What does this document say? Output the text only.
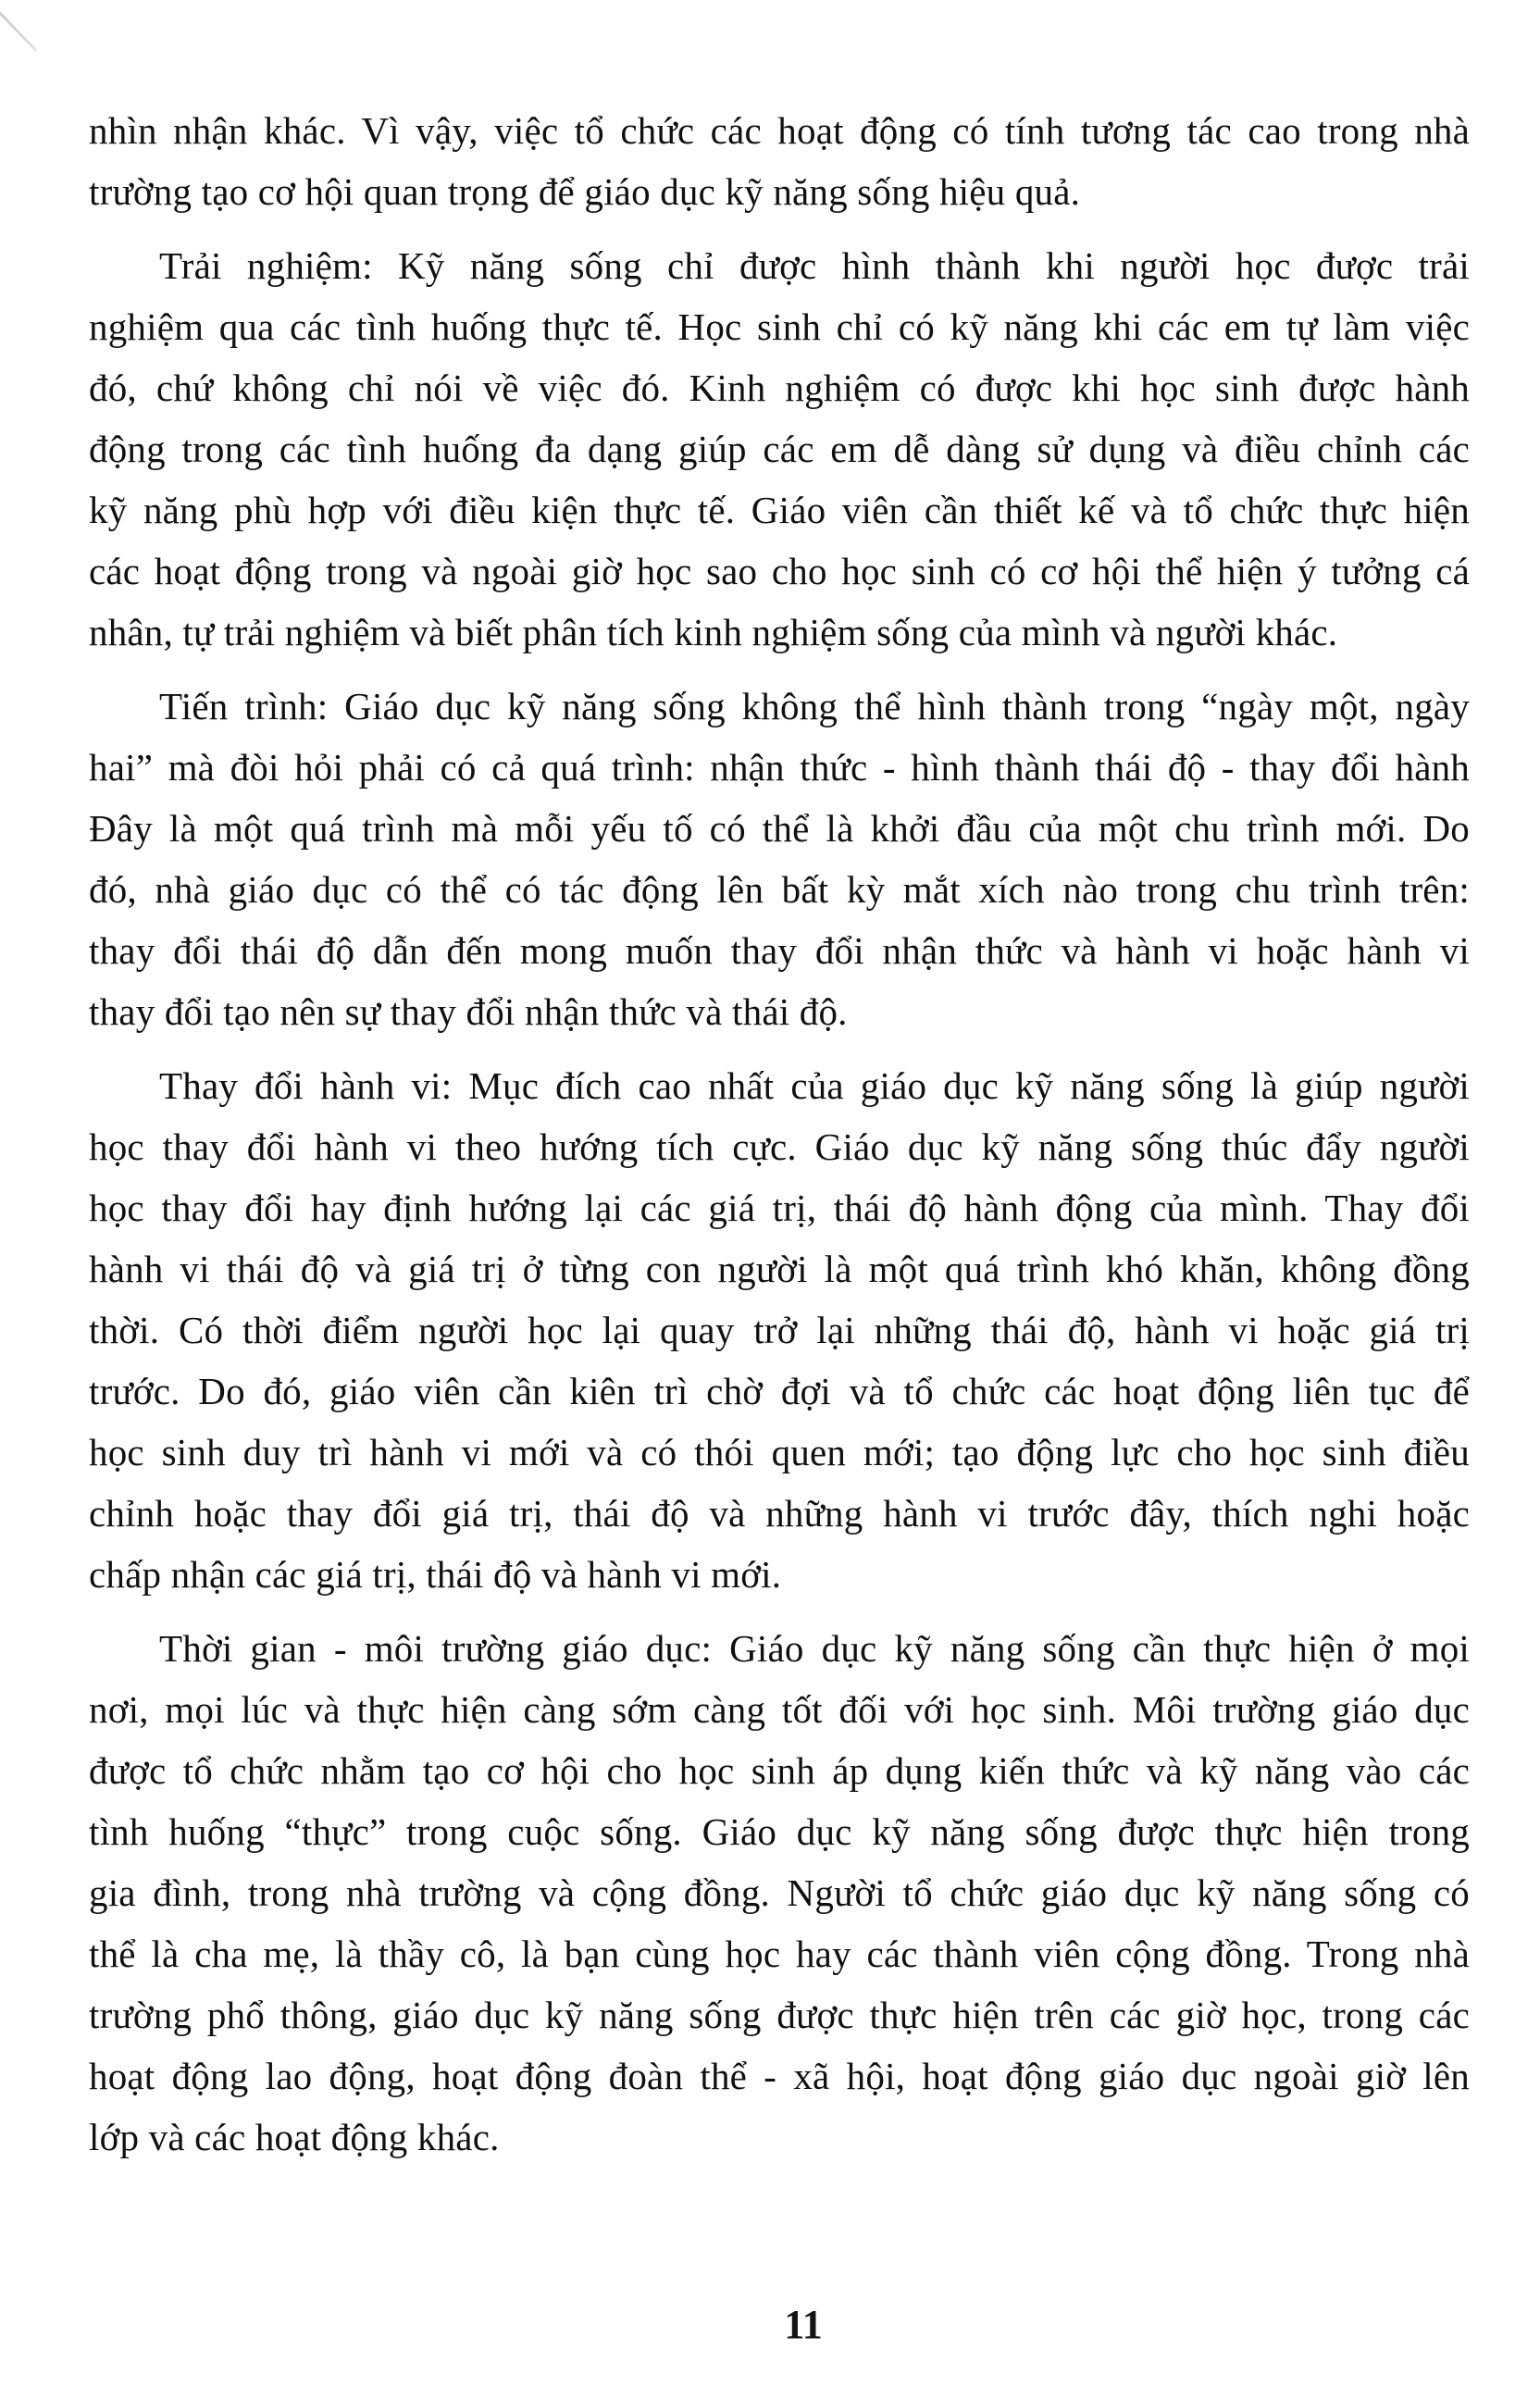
nhìn nhận khác. Vì vậy, việc tổ chức các hoạt động có tính tương tác cao trong nhà
trường tạo cơ hội quan trọng để giáo dục kỹ năng sống hiệu quả.
Trải nghiệm: Kỹ năng sống chỉ được hình thành khi người học được trải
nghiệm qua các tình huống thực tế. Học sinh chỉ có kỹ năng khi các em tự làm việc
đó, chứ không chỉ nói về việc đó. Kinh nghiệm có được khi học sinh được hành
động trong các tình huống đa dạng giúp các em dễ dàng sử dụng và điều chỉnh các
kỹ năng phù hợp với điều kiện thực tế. Giáo viên cần thiết kế và tổ chức thực hiện
các hoạt động trong và ngoài giờ học sao cho học sinh có cơ hội thể hiện ý tưởng cá
nhân, tự trải nghiệm và biết phân tích kinh nghiệm sống của mình và người khác.
Tiến trình: Giáo dục kỹ năng sống không thể hình thành trong “ngày một, ngày
hai” mà đòi hỏi phải có cả quá trình: nhận thức - hình thành thái độ - thay đổi hành
Đây là một quá trình mà mỗi yếu tố có thể là khởi đầu của một chu trình mới. Do
đó, nhà giáo dục có thể có tác động lên bất kỳ mắt xích nào trong chu trình trên:
thay đổi thái độ dẫn đến mong muốn thay đổi nhận thức và hành vi hoặc hành vi
thay đổi tạo nên sự thay đổi nhận thức và thái độ.
Thay đổi hành vi: Mục đích cao nhất của giáo dục kỹ năng sống là giúp người
học thay đổi hành vi theo hướng tích cực. Giáo dục kỹ năng sống thúc đẩy người
học thay đổi hay định hướng lại các giá trị, thái độ hành động của mình. Thay đổi
hành vi thái độ và giá trị ở từng con người là một quá trình khó khăn, không đồng
thời. Có thời điểm người học lại quay trở lại những thái độ, hành vi hoặc giá trị
trước. Do đó, giáo viên cần kiên trì chờ đợi và tổ chức các hoạt động liên tục để
học sinh duy trì hành vi mới và có thói quen mới; tạo động lực cho học sinh điều
chỉnh hoặc thay đổi giá trị, thái độ và những hành vi trước đây, thích nghi hoặc
chấp nhận các giá trị, thái độ và hành vi mới.
Thời gian - môi trường giáo dục: Giáo dục kỹ năng sống cần thực hiện ở mọi
nơi, mọi lúc và thực hiện càng sớm càng tốt đối với học sinh. Môi trường giáo dục
được tổ chức nhằm tạo cơ hội cho học sinh áp dụng kiến thức và kỹ năng vào các
tình huống “thực” trong cuộc sống. Giáo dục kỹ năng sống được thực hiện trong
gia đình, trong nhà trường và cộng đồng. Người tổ chức giáo dục kỹ năng sống có
thể là cha mẹ, là thầy cô, là bạn cùng học hay các thành viên cộng đồng. Trong nhà
trường phổ thông, giáo dục kỹ năng sống được thực hiện trên các giờ học, trong các
hoạt động lao động, hoạt động đoàn thể - xã hội, hoạt động giáo dục ngoài giờ lên
lớp và các hoạt động khác.
11
